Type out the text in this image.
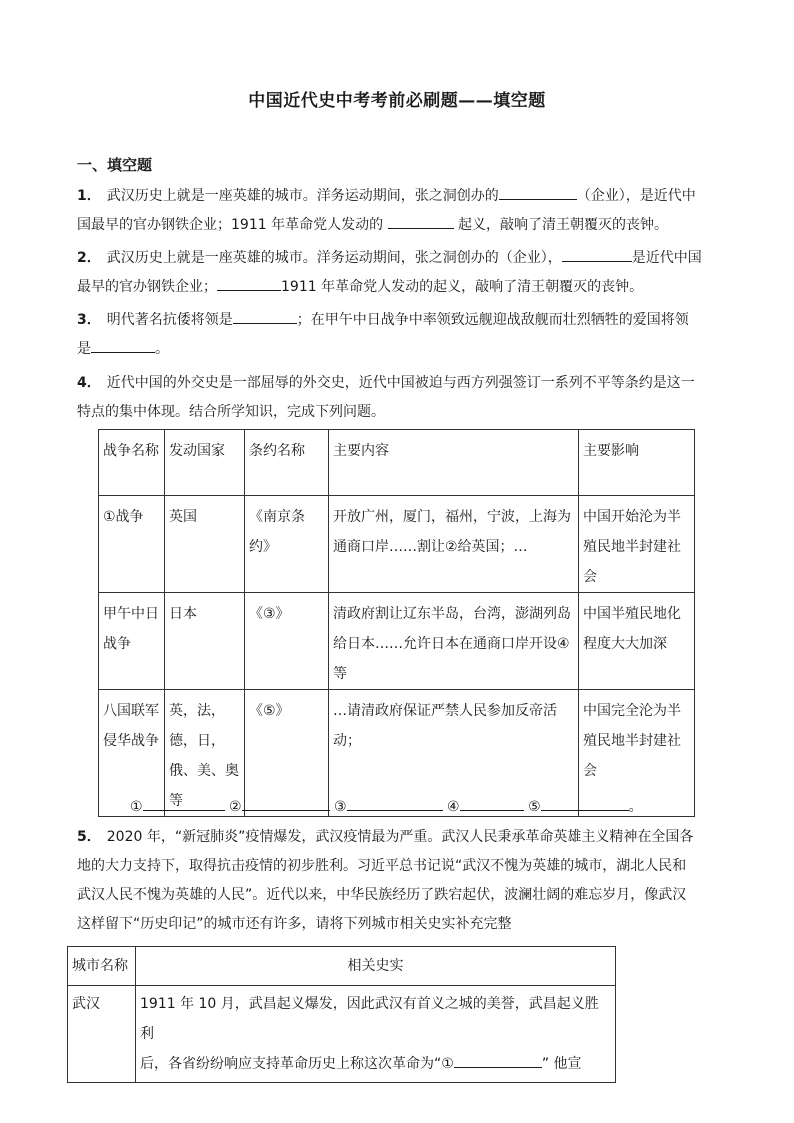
中国近代史中考考前必刷题——填空题
一、填空题
1． 武汉历史上就是一座英雄的城市。洋务运动期间，张之洞创办的	（企业），是近代中
国最早的官办钢铁企业；1911 年革命党人发动的	起义，敲响了清王朝覆灭的丧钟。
2． 武汉历史上就是一座英雄的城市。洋务运动期间，张之洞创办的（企业），	是近代中国
最早的官办钢铁企业；	1911 年革命党人发动的起义，敲响了清王朝覆灭的丧钟。
3． 明代著名抗倭将领是	；在甲午中日战争中率领致远舰迎战敌舰而壮烈牺牲的爱国将领
是	。
4． 近代中国的外交史是一部屈辱的外交史，近代中国被迫与西方列强签订一系列不平等条约是这一
特点的集中体现。结合所学知识，完成下列问题。
战争名称	发动国家	条约名称	主要内容	主要影响
①战争	英国	《南京条约》	开放广州，厦门，福州，宁波，上海为通商口岸……割让②给英国；…	中国开始沦为半殖民地半封建社会
甲午中日战争	日本	《③》	清政府割让辽东半岛，台湾，澎湖列岛给日本……允许日本在通商口岸开设④等	中国半殖民地化程度大大加深
八国联军侵华战争	英，法，德，日，俄、美、奥等	《⑤》	…请清政府保证严禁人民参加反帝活动；	中国完全沦为半殖民地半封建社会
①	②	③	④	⑤	。
5． 2020 年，“新冠肺炎”疫情爆发，武汉疫情最为严重。武汉人民秉承革命英雄主义精神在全国各
地的大力支持下，取得抗击疫情的初步胜利。习近平总书记说“武汉不愧为英雄的城市，湖北人民和
武汉人民不愧为英雄的人民”。近代以来，中华民族经历了跌宕起伏，波澜壮阔的难忘岁月，像武汉
这样留下“历史印记”的城市还有许多，请将下列城市相关史实补充完整
城市名称	相关史实
武汉	1911 年 10 月，武昌起义爆发，因此武汉有首义之城的美誉，武昌起义胜利
后，各省纷纷响应支持革命历史上称这次革命为“① ” 他宣
